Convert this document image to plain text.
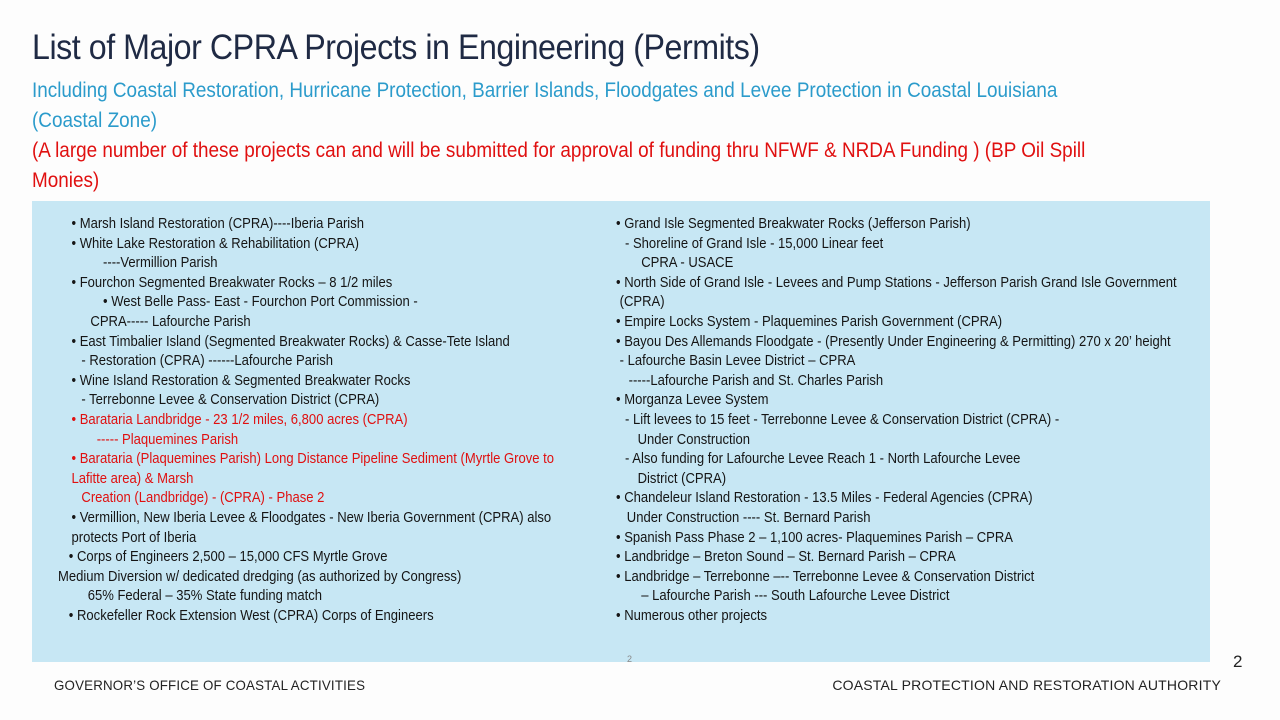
List of Major CPRA Projects in Engineering (Permits)
Including Coastal Restoration, Hurricane Protection, Barrier Islands, Floodgates and Levee Protection in Coastal Louisiana
(Coastal Zone)
(A large number of these projects can and will be submitted for approval of funding thru NFWF & NRDA Funding ) (BP Oil Spill
Monies)
• Marsh Island Restoration (CPRA)----Iberia Parish
• White Lake Restoration & Rehabilitation (CPRA)
----Vermillion Parish
• Fourchon Segmented Breakwater Rocks – 8 1/2 miles
• West Belle Pass- East - Fourchon Port Commission -
CPRA----- Lafourche Parish
• East Timbalier Island (Segmented Breakwater Rocks) & Casse-Tete Island
- Restoration (CPRA) ------Lafourche Parish
• Wine Island Restoration & Segmented Breakwater Rocks
- Terrebonne Levee & Conservation District (CPRA)
• Barataria Landbridge - 23 1/2 miles, 6,800 acres (CPRA)
----- Plaquemines Parish
• Barataria (Plaquemines Parish) Long Distance Pipeline Sediment (Myrtle Grove to
Lafitte area) & Marsh
Creation (Landbridge) - (CPRA) - Phase 2
• Vermillion, New Iberia Levee & Floodgates - New Iberia Government (CPRA) also
protects Port of Iberia
• Corps of Engineers 2,500 – 15,000 CFS Myrtle Grove
Medium Diversion w/ dedicated dredging (as authorized by Congress)
65% Federal – 35% State funding match
• Rockefeller Rock Extension West (CPRA) Corps of Engineers
• Grand Isle Segmented Breakwater Rocks (Jefferson Parish)
- Shoreline of Grand Isle - 15,000 Linear feet
CPRA - USACE
• North Side of Grand Isle - Levees and Pump Stations - Jefferson Parish Grand Isle Government
(CPRA)
• Empire Locks System - Plaquemines Parish Government (CPRA)
• Bayou Des Allemands Floodgate - (Presently Under Engineering & Permitting) 270 x 20’ height
- Lafourche Basin Levee District – CPRA
-----Lafourche Parish and St. Charles Parish
• Morganza Levee System
- Lift levees to 15 feet - Terrebonne Levee & Conservation District (CPRA) -
Under Construction
- Also funding for Lafourche Levee Reach 1 - North Lafourche Levee
District (CPRA)
• Chandeleur Island Restoration - 13.5 Miles - Federal Agencies (CPRA)
Under Construction ---- St. Bernard Parish
• Spanish Pass Phase 2 – 1,100 acres- Plaquemines Parish – CPRA
• Landbridge – Breton Sound – St. Bernard Parish – CPRA
• Landbridge – Terrebonne –-- Terrebonne Levee & Conservation District
– Lafourche Parish --- South Lafourche Levee District
• Numerous other projects
2	2
GOVERNOR’S OFFICE OF COASTAL ACTIVITIES	COASTAL PROTECTION AND RESTORATION AUTHORITY
